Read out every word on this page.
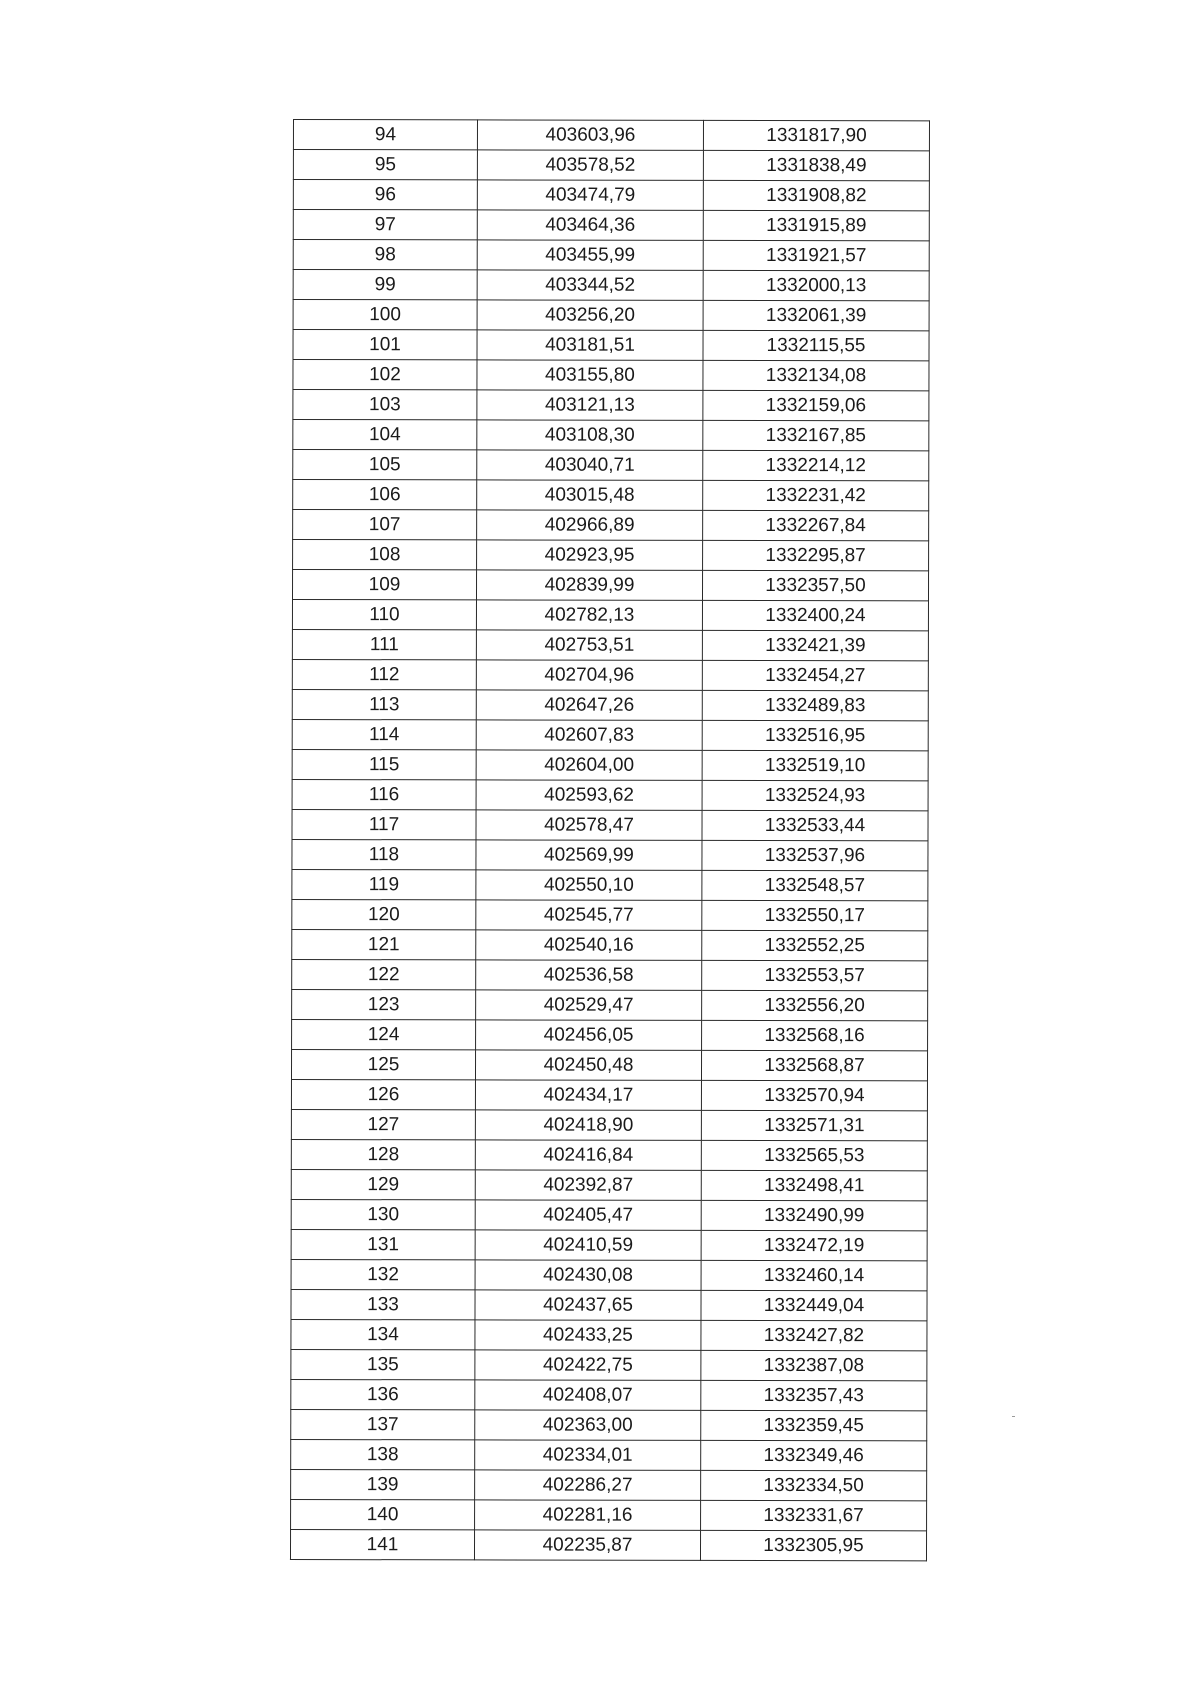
94	403603,96	1331817,90
95	403578,52	1331838,49
96	403474,79	1331908,82
97	403464,36	1331915,89
98	403455,99	1331921,57
99	403344,52	1332000,13
100	403256,20	1332061,39
101	403181,51	1332115,55
102	403155,80	1332134,08
103	403121,13	1332159,06
104	403108,30	1332167,85
105	403040,71	1332214,12
106	403015,48	1332231,42
107	402966,89	1332267,84
108	402923,95	1332295,87
109	402839,99	1332357,50
110	402782,13	1332400,24
111	402753,51	1332421,39
112	402704,96	1332454,27
113	402647,26	1332489,83
114	402607,83	1332516,95
115	402604,00	1332519,10
116	402593,62	1332524,93
117	402578,47	1332533,44
118	402569,99	1332537,96
119	402550,10	1332548,57
120	402545,77	1332550,17
121	402540,16	1332552,25
122	402536,58	1332553,57
123	402529,47	1332556,20
124	402456,05	1332568,16
125	402450,48	1332568,87
126	402434,17	1332570,94
127	402418,90	1332571,31
128	402416,84	1332565,53
129	402392,87	1332498,41
130	402405,47	1332490,99
131	402410,59	1332472,19
132	402430,08	1332460,14
133	402437,65	1332449,04
134	402433,25	1332427,82
135	402422,75	1332387,08
136	402408,07	1332357,43
137	402363,00	1332359,45
138	402334,01	1332349,46
139	402286,27	1332334,50
140	402281,16	1332331,67
141	402235,87	1332305,95
